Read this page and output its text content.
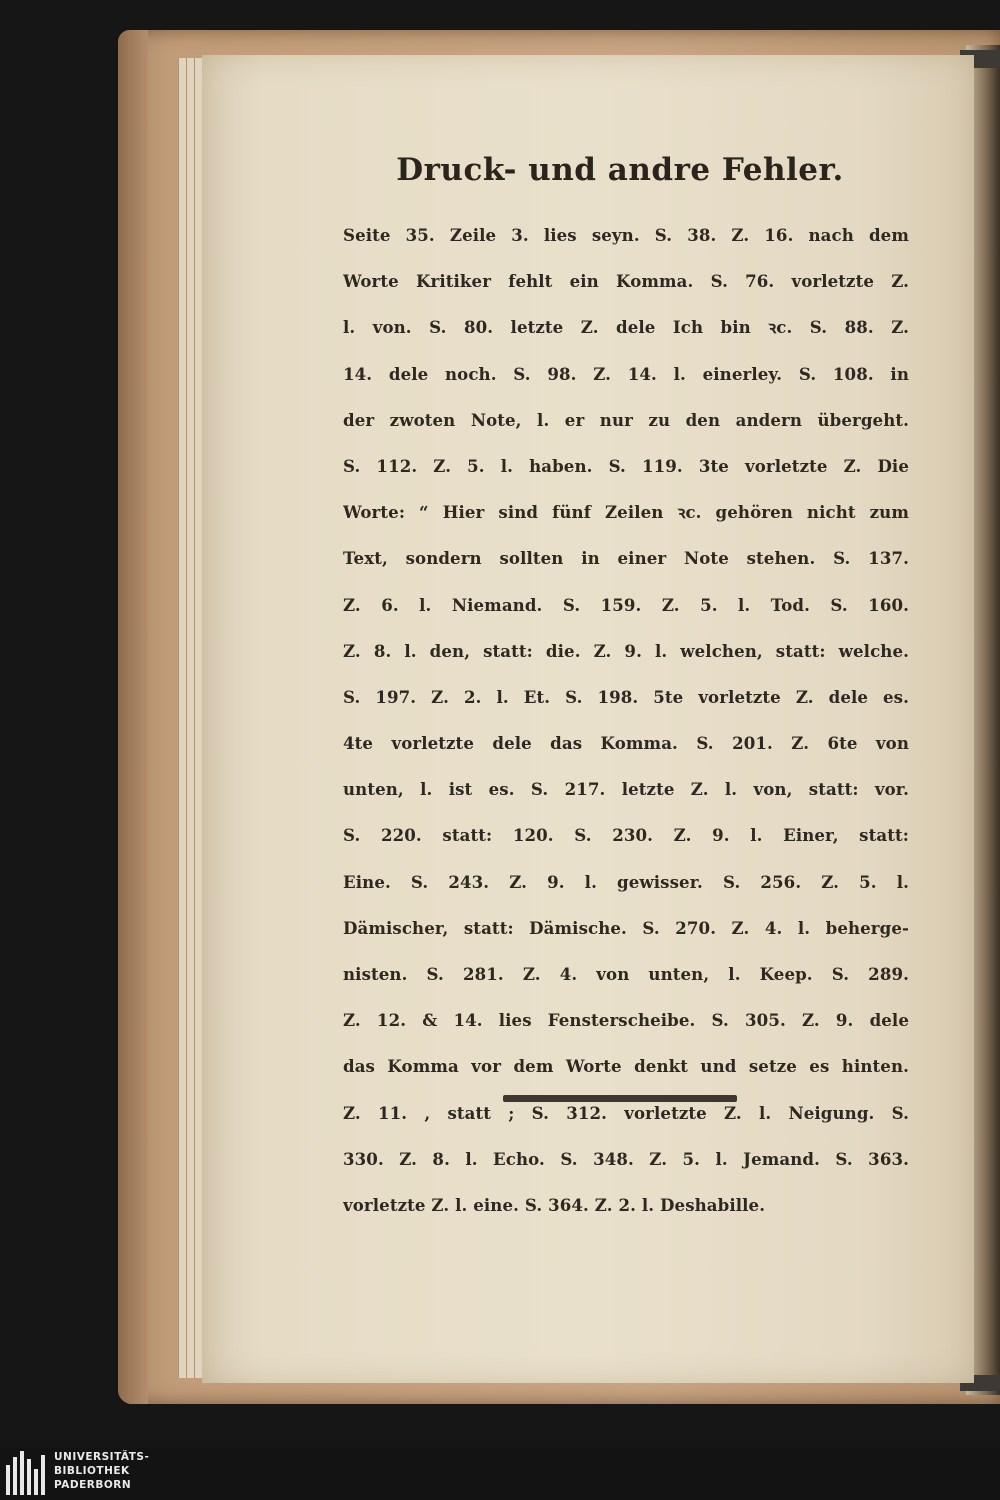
Druck- und andre Fehler.
Seite 35. Zeile 3. lies seyn. S. 38. Z. 16. nach dem
Worte Kritiker fehlt ein Komma. S. 76. vorletzte Z.
l. von. S. 80. letzte Z. dele Ich bin ꝛc. S. 88. Z.
14. dele noch. S. 98. Z. 14. l. einerley. S. 108. in
der zwoten Note, l. er nur zu den andern übergeht.
S. 112. Z. 5. l. haben. S. 119. 3te vorletzte Z. Die
Worte: “ Hier sind fünf Zeilen ꝛc. gehören nicht zum
Text, sondern sollten in einer Note stehen. S. 137.
Z. 6. l. Niemand. S. 159. Z. 5. l. Tod. S. 160.
Z. 8. l. den, statt: die. Z. 9. l. welchen, statt: welche.
S. 197. Z. 2. l. Et. S. 198. 5te vorletzte Z. dele es.
4te vorletzte dele das Komma. S. 201. Z. 6te von
unten, l. ist es. S. 217. letzte Z. l. von, statt: vor.
S. 220. statt: 120. S. 230. Z. 9. l. Einer, statt:
Eine. S. 243. Z. 9. l. gewisser. S. 256. Z. 5. l.
Dämischer, statt: Dämische. S. 270. Z. 4. l. beherge-
nisten. S. 281. Z. 4. von unten, l. Keep. S. 289.
Z. 12. & 14. lies Fensterscheibe. S. 305. Z. 9. dele
das Komma vor dem Worte denkt und setze es hinten.
Z. 11. , statt ; S. 312. vorletzte Z. l. Neigung. S.
330. Z. 8. l. Echo. S. 348. Z. 5. l. Jemand. S. 363.
vorletzte Z. l. eine. S. 364. Z. 2. l. Deshabille.
UNIVERSITÄTS-
BIBLIOTHEK
PADERBORN
